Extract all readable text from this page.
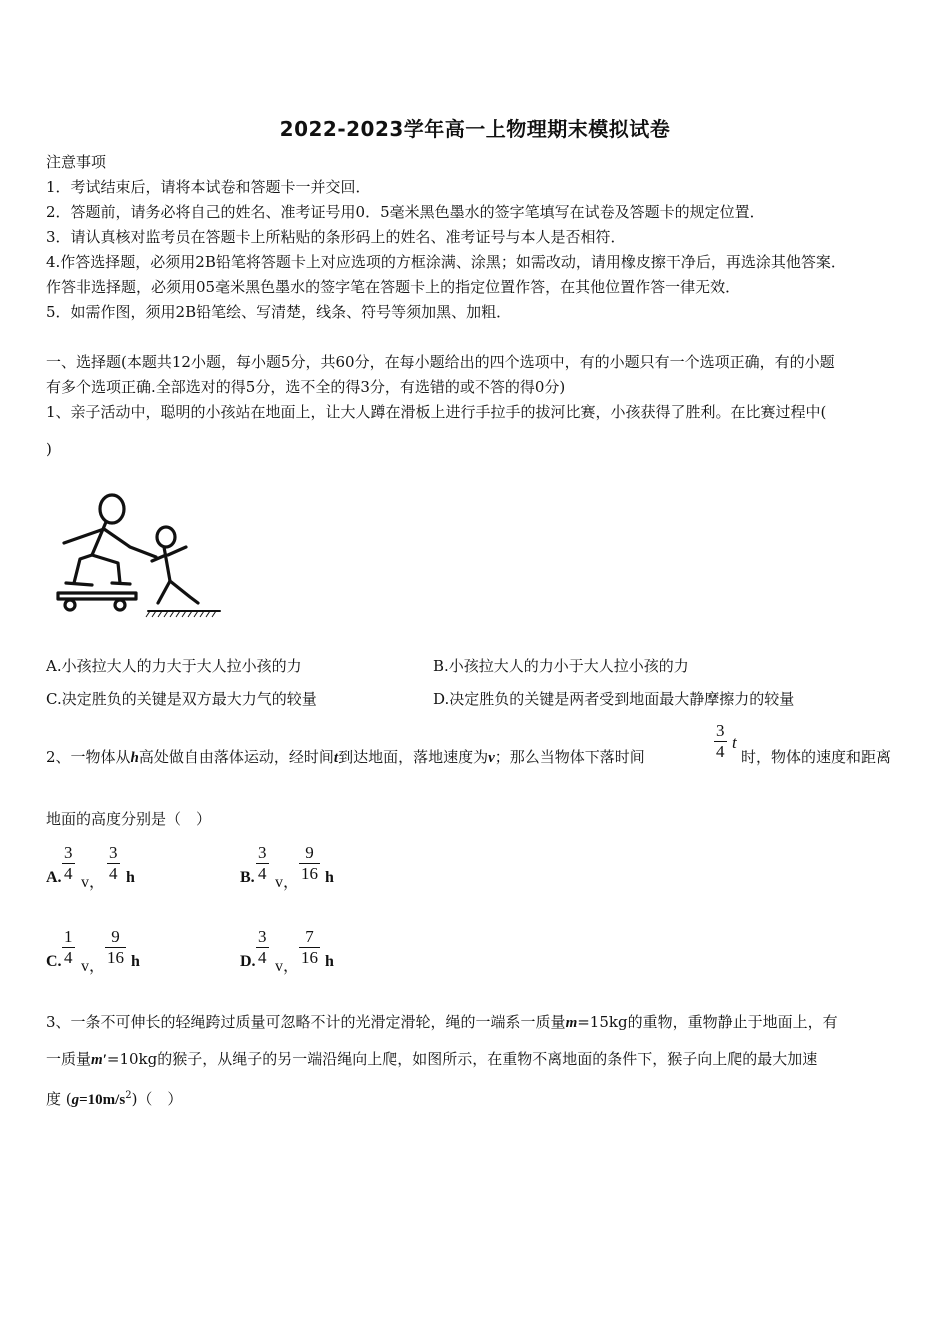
2022-2023学年高一上物理期末模拟试卷
注意事项
1．考试结束后，请将本试卷和答题卡一并交回．
2．答题前，请务必将自己的姓名、准考证号用0．5毫米黑色墨水的签字笔填写在试卷及答题卡的规定位置．
3．请认真核对监考员在答题卡上所粘贴的条形码上的姓名、准考证号与本人是否相符．
4.作答选择题，必须用2B铅笔将答题卡上对应选项的方框涂满、涂黑；如需改动，请用橡皮擦干净后，再选涂其他答案．
作答非选择题，必须用05毫米黑色墨水的签字笔在答题卡上的指定位置作答，在其他位置作答一律无效．
5．如需作图，须用2B铅笔绘、写清楚，线条、符号等须加黑、加粗．
一、选择题(本题共12小题，每小题5分，共60分，在每小题给出的四个选项中，有的小题只有一个选项正确，有的小题
有多个选项正确.全部选对的得5分，选不全的得3分，有选错的或不答的得0分)
1、亲子活动中，聪明的小孩站在地面上，让大人蹲在滑板上进行手拉手的拔河比赛，小孩获得了胜利。在比赛过程中(
)
A.小孩拉大人的力大于大人拉小孩的力	B.小孩拉大人的力小于大人拉小孩的力
C.决定胜负的关键是双方最大力气的较量	D.决定胜负的关键是两者受到地面最大静摩擦力的较量
2、一物体从h高处做自由落体运动，经时间t到达地面，落地速度为v；那么当物体下落时间	$\frac{3}{4}$ t
时，物体的速度和距离
地面的高度分别是（　）
A. $\frac{3}{4}$ v， $\frac{3}{4}$ h	B. $\frac{3}{4}$ v， $\frac{9}{16}$ h
C. $\frac{1}{4}$ v， $\frac{9}{16}$ h	D. $\frac{3}{4}$ v， $\frac{7}{16}$ h
3、一条不可伸长的轻绳跨过质量可忽略不计的光滑定滑轮，绳的一端系一质量m=15kg的重物，重物静止于地面上，有
一质量m′=10kg的猴子，从绳子的另一端沿绳向上爬，如图所示，在重物不离地面的条件下，猴子向上爬的最大加速
度 $(g=10m/s^2)$（　）
